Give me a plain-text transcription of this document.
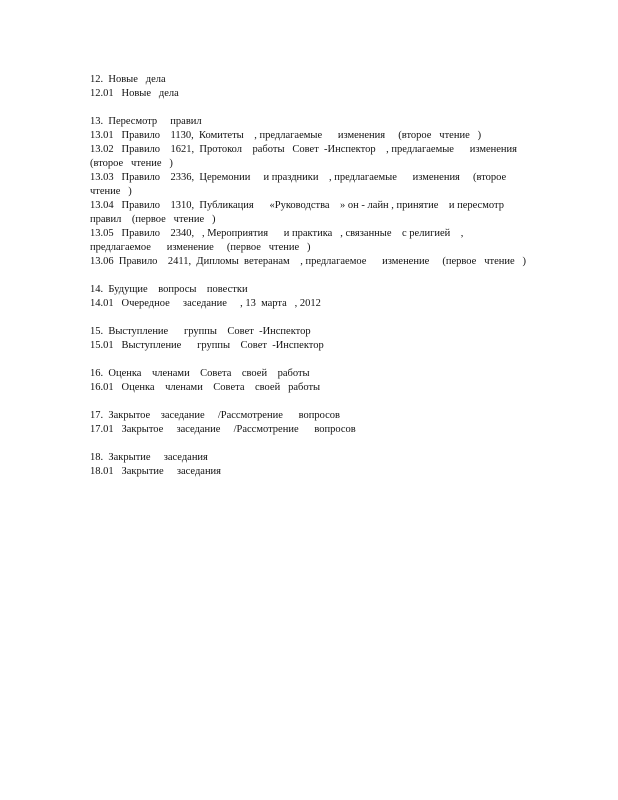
12.  Новые   дела
12.01   Новые   дела
13.  Пересмотр     правил
13.01   Правило    1130,  Комитеты    , предлагаемые      изменения     (второе   чтение   )
13.02   Правило    1621,  Протокол    работы   Совет  -Инспектор    , предлагаемые      изменения
(второе   чтение   )
13.03   Правило    2336,  Церемонии     и праздники    , предлагаемые      изменения     (второе
чтение   )
13.04   Правило    1310,  Публикация      «Руководства    » он - лайн , принятие    и пересмотр
правил    (первое   чтение   )
13.05   Правило    2340,   , Мероприятия      и практика   , связанные    с религией    ,
предлагаемое      изменение     (первое   чтение   )
13.06  Правило    2411,  Дипломы  ветеранам    , предлагаемое      изменение     (первое   чтение   )
14.  Будущие    вопросы    повестки
14.01   Очередное     заседание     , 13  марта   , 2012
15.  Выступление      группы    Совет  -Инспектор
15.01   Выступление      группы    Совет  -Инспектор
16.  Оценка    членами    Совета    своей    работы
16.01   Оценка    членами    Совета    своей   работы
17.  Закрытое    заседание     /Рассмотрение      вопросов
17.01   Закрытое     заседание     /Рассмотрение      вопросов
18.  Закрытие     заседания
18.01   Закрытие     заседания
